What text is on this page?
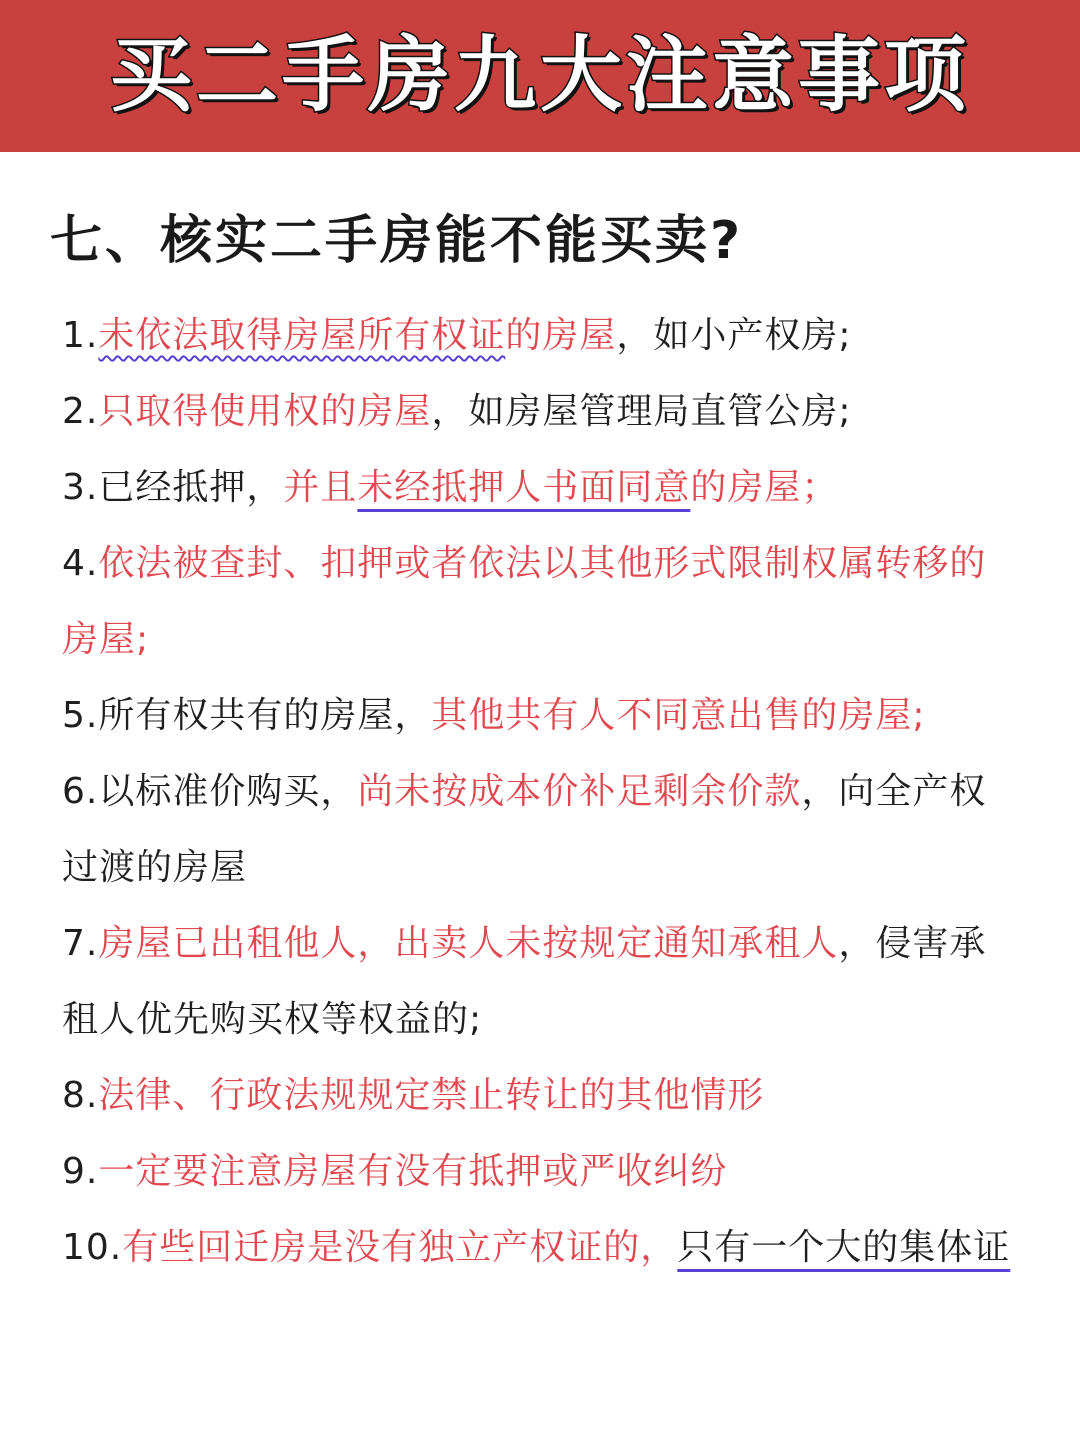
买二手房九大注意事项
七、核实二手房能不能买卖?
1.未依法取得房屋所有权证的房屋，如小产权房;
2.只取得使用权的房屋，如房屋管理局直管公房;
3.已经抵押，并且未经抵押人书面同意的房屋；
4.依法被查封、扣押或者依法以其他形式限制权属转移的房屋;
5.所有权共有的房屋，其他共有人不同意出售的房屋;
6.以标准价购买，尚未按成本价补足剩余价款，向全产权过渡的房屋
7.房屋已出租他人，出卖人未按规定通知承租人，侵害承租人优先购买权等权益的;
8.法律、行政法规规定禁止转让的其他情形
9.一定要注意房屋有没有抵押或严收纠纷
10.有些回迁房是没有独立产权证的，只有一个大的集体证
